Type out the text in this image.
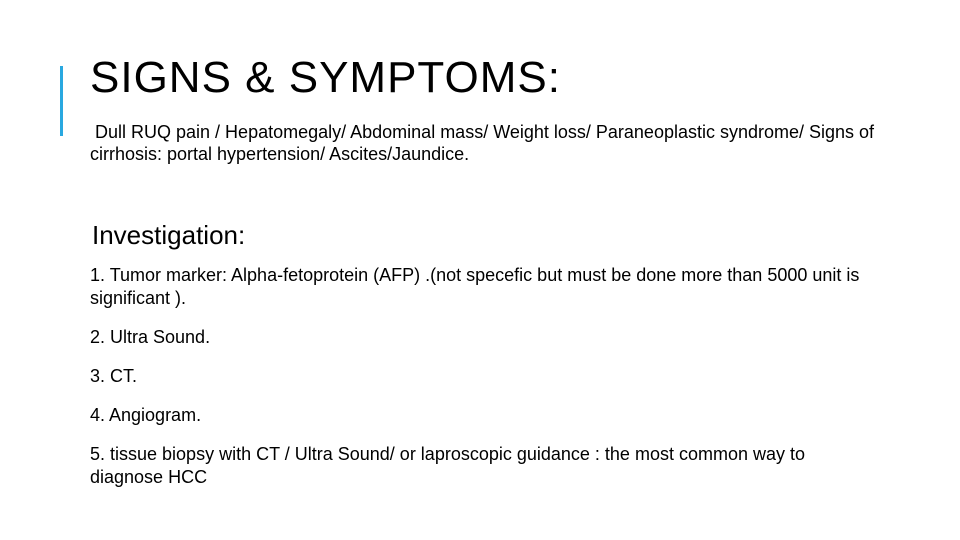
SIGNS & SYMPTOMS:

Dull RUQ pain / Hepatomegaly/ Abdominal mass/ Weight loss/ Paraneoplastic syndrome/ Signs of cirrhosis: portal hypertension/ Ascites/Jaundice.

Investigation:
1. Tumor marker: Alpha-fetoprotein (AFP) .(not specefic but must be done more than 5000 unit is significant ).
2. Ultra Sound.
3. CT.
4. Angiogram.
5. tissue biopsy with CT / Ultra Sound/ or laproscopic guidance : the most common way to diagnose HCC
